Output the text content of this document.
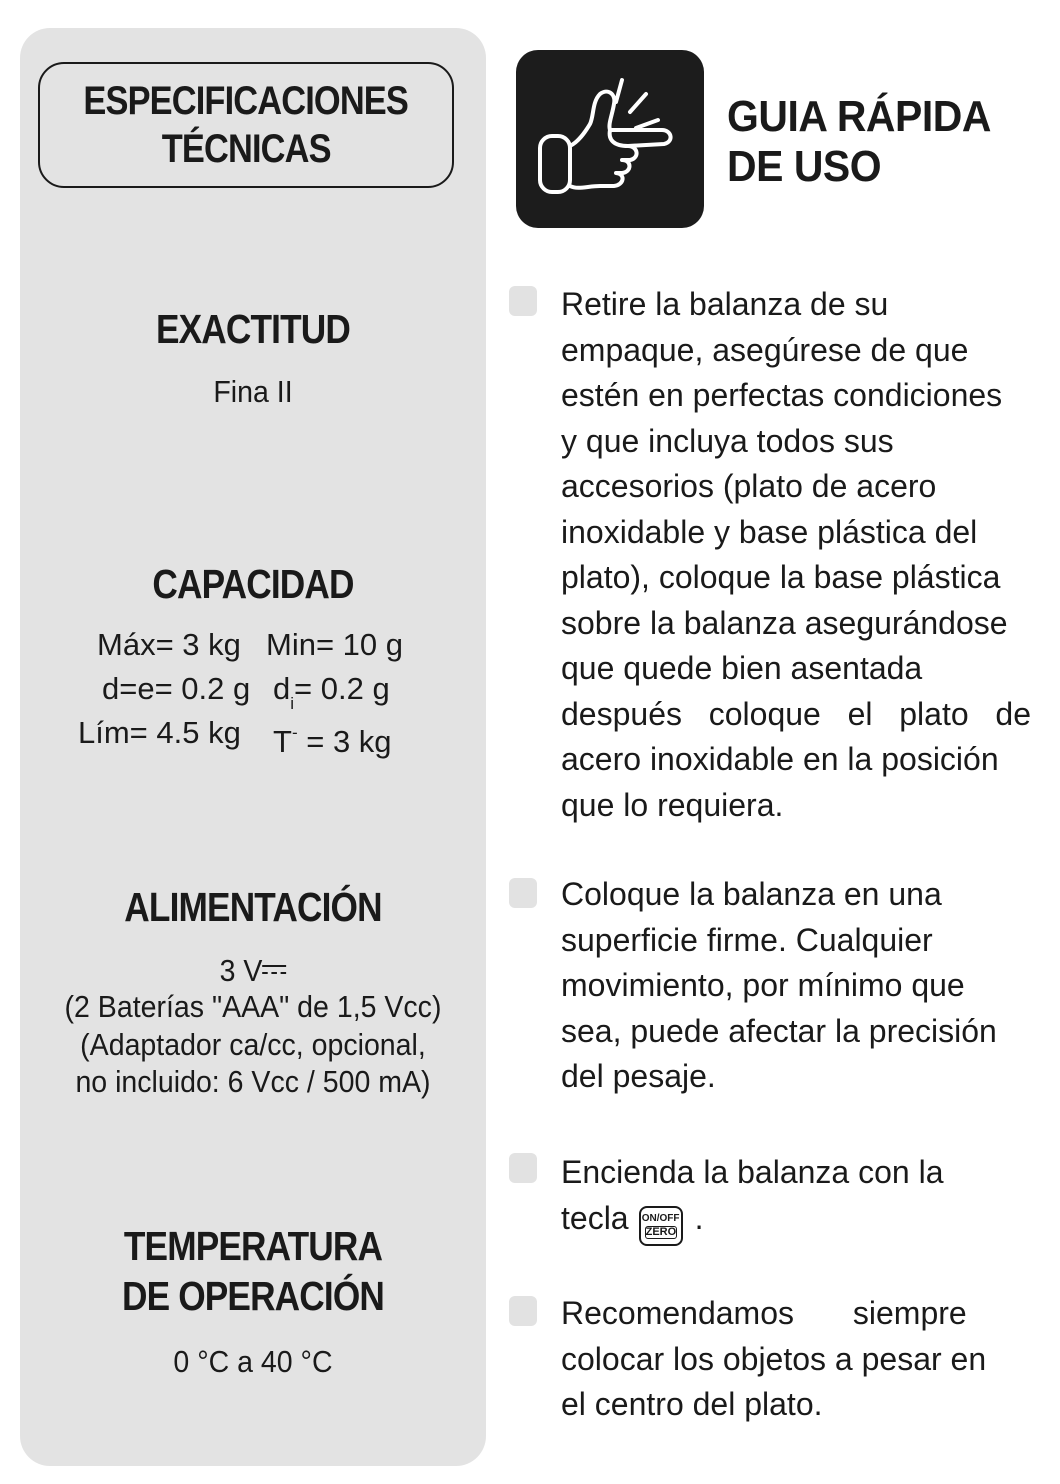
ESPECIFICACIONES
TÉCNICAS
EXACTITUD
Fina II
CAPACIDAD
Máx= 3 kg Min= 10 g
d=e= 0.2 g $d_i= 0.2$ g
Lím= 4.5 kg T- = 3 kg
ALIMENTACIÓN
3 V
(2 Baterías "AAA" de 1,5 Vcc)
(Adaptador ca/cc, opcional,
no incluido: 6 Vcc / 500 mA)
TEMPERATURA
DE OPERACIÓN
0 °C a 40 °C
GUIA RÁPIDA
DE USO
Retire la balanza de su
empaque, asegúrese de que
estén en perfectas condiciones
y que incluya todos sus
accesorios (plato de acero
inoxidable y base plástica del
plato), coloque la base plástica
sobre la balanza asegurándose
que quede bien asentada
después coloque el plato de
acero inoxidable en la posición
que lo requiera.
Coloque la balanza en una
superficie firme. Cualquier
movimiento, por mínimo que
sea, puede afectar la precisión
del pesaje.
Encienda la balanza con la
tecla ON/OFF
ZERO .
Recomendamos siempre
colocar los objetos a pesar en
el centro del plato.
